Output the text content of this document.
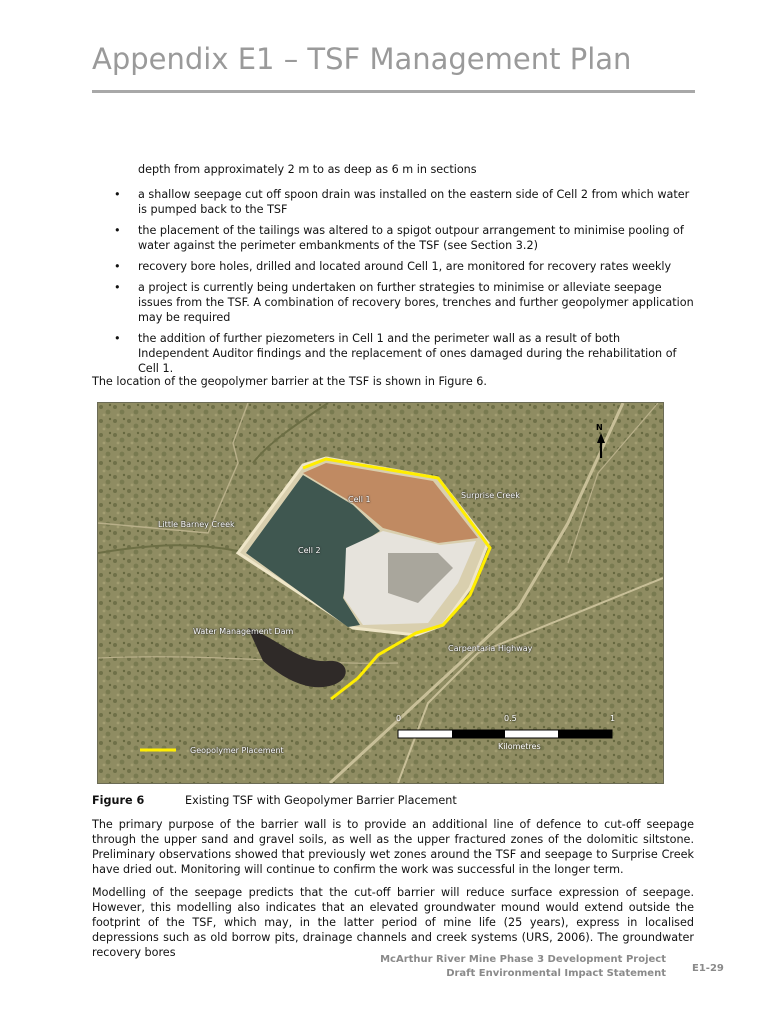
Appendix E1 – TSF Management Plan
depth from approximately 2 m to as deep as 6 m in sections
• a shallow seepage cut off spoon drain was installed on the eastern side of Cell 2 from which water is pumped back to the TSF
• the placement of the tailings was altered to a spigot outpour arrangement to minimise pooling of water against the perimeter embankments of the TSF (see Section 3.2)
• recovery bore holes, drilled and located around Cell 1, are monitored for recovery rates weekly
• a project is currently being undertaken on further strategies to minimise or alleviate seepage issues from the TSF. A combination of recovery bores, trenches and further geopolymer application may be required
• the addition of further piezometers in Cell 1 and the perimeter wall as a result of both Independent Auditor findings and the replacement of ones damaged during the rehabilitation of Cell 1.
The location of the geopolymer barrier at the TSF is shown in Figure 6.
Cell 1
Cell 2
Surprise Creek
Little Barney Creek
Water Management Dam
Carpentaria Highway
N
0	0.5	1
Kilometres
Geopolymer Placement
Figure 6	Existing TSF with Geopolymer Barrier Placement
The primary purpose of the barrier wall is to provide an additional line of defence to cut-off seepage through the upper sand and gravel soils, as well as the upper fractured zones of the dolomitic siltstone. Preliminary observations showed that previously wet zones around the TSF and seepage to Surprise Creek have dried out. Monitoring will continue to confirm the work was successful in the longer term.
Modelling of the seepage predicts that the cut-off barrier will reduce surface expression of seepage. However, this modelling also indicates that an elevated groundwater mound would extend outside the footprint of the TSF, which may, in the latter period of mine life (25 years), express in localised depressions such as old borrow pits, drainage channels and creek systems (URS, 2006). The groundwater recovery bores
McArthur River Mine Phase 3 Development Project
Draft Environmental Impact Statement	E1-29
